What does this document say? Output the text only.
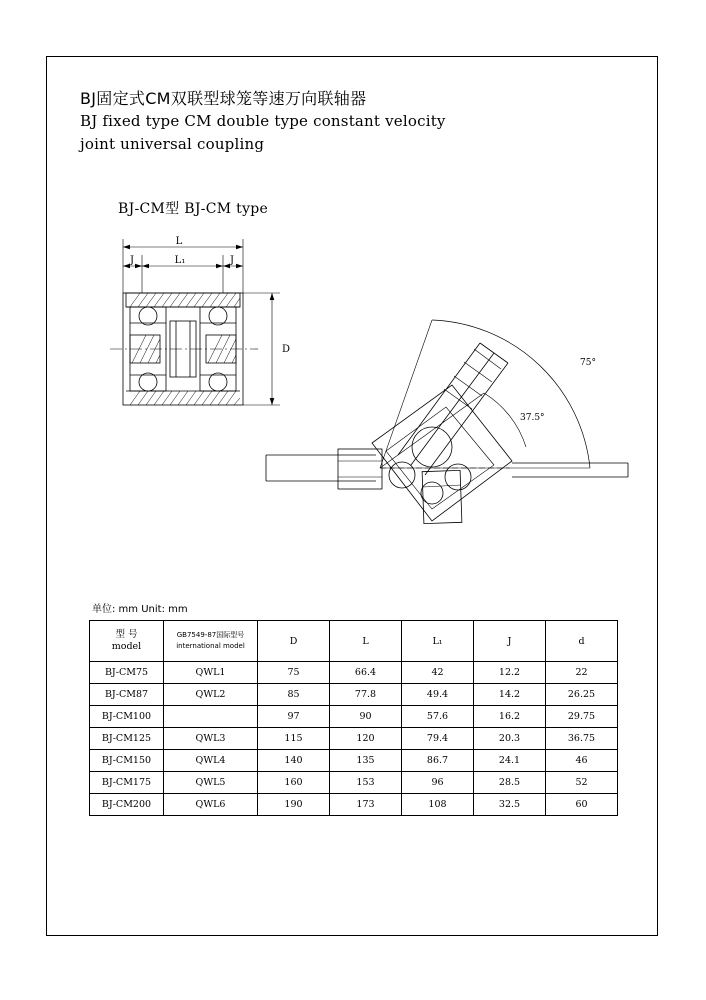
BJ固定式CM双联型球笼等速万向联轴器
BJ fixed type CM double type constant velocity
joint universal coupling
BJ-CM型 BJ-CM type
L
L₁
J	J
D
75°
37.5°
单位: mm Unit: mm
型 号
model

GB7549-87国际型号
international model	D	L	L₁	J	d
BJ-CM75	QWL1	75	66.4	42	12.2	22
BJ-CM87	QWL2	85	77.8	49.4	14.2	26.25
BJ-CM100		97	90	57.6	16.2	29.75
BJ-CM125	QWL3	115	120	79.4	20.3	36.75
BJ-CM150	QWL4	140	135	86.7	24.1	46
BJ-CM175	QWL5	160	153	96	28.5	52
BJ-CM200	QWL6	190	173	108	32.5	60
